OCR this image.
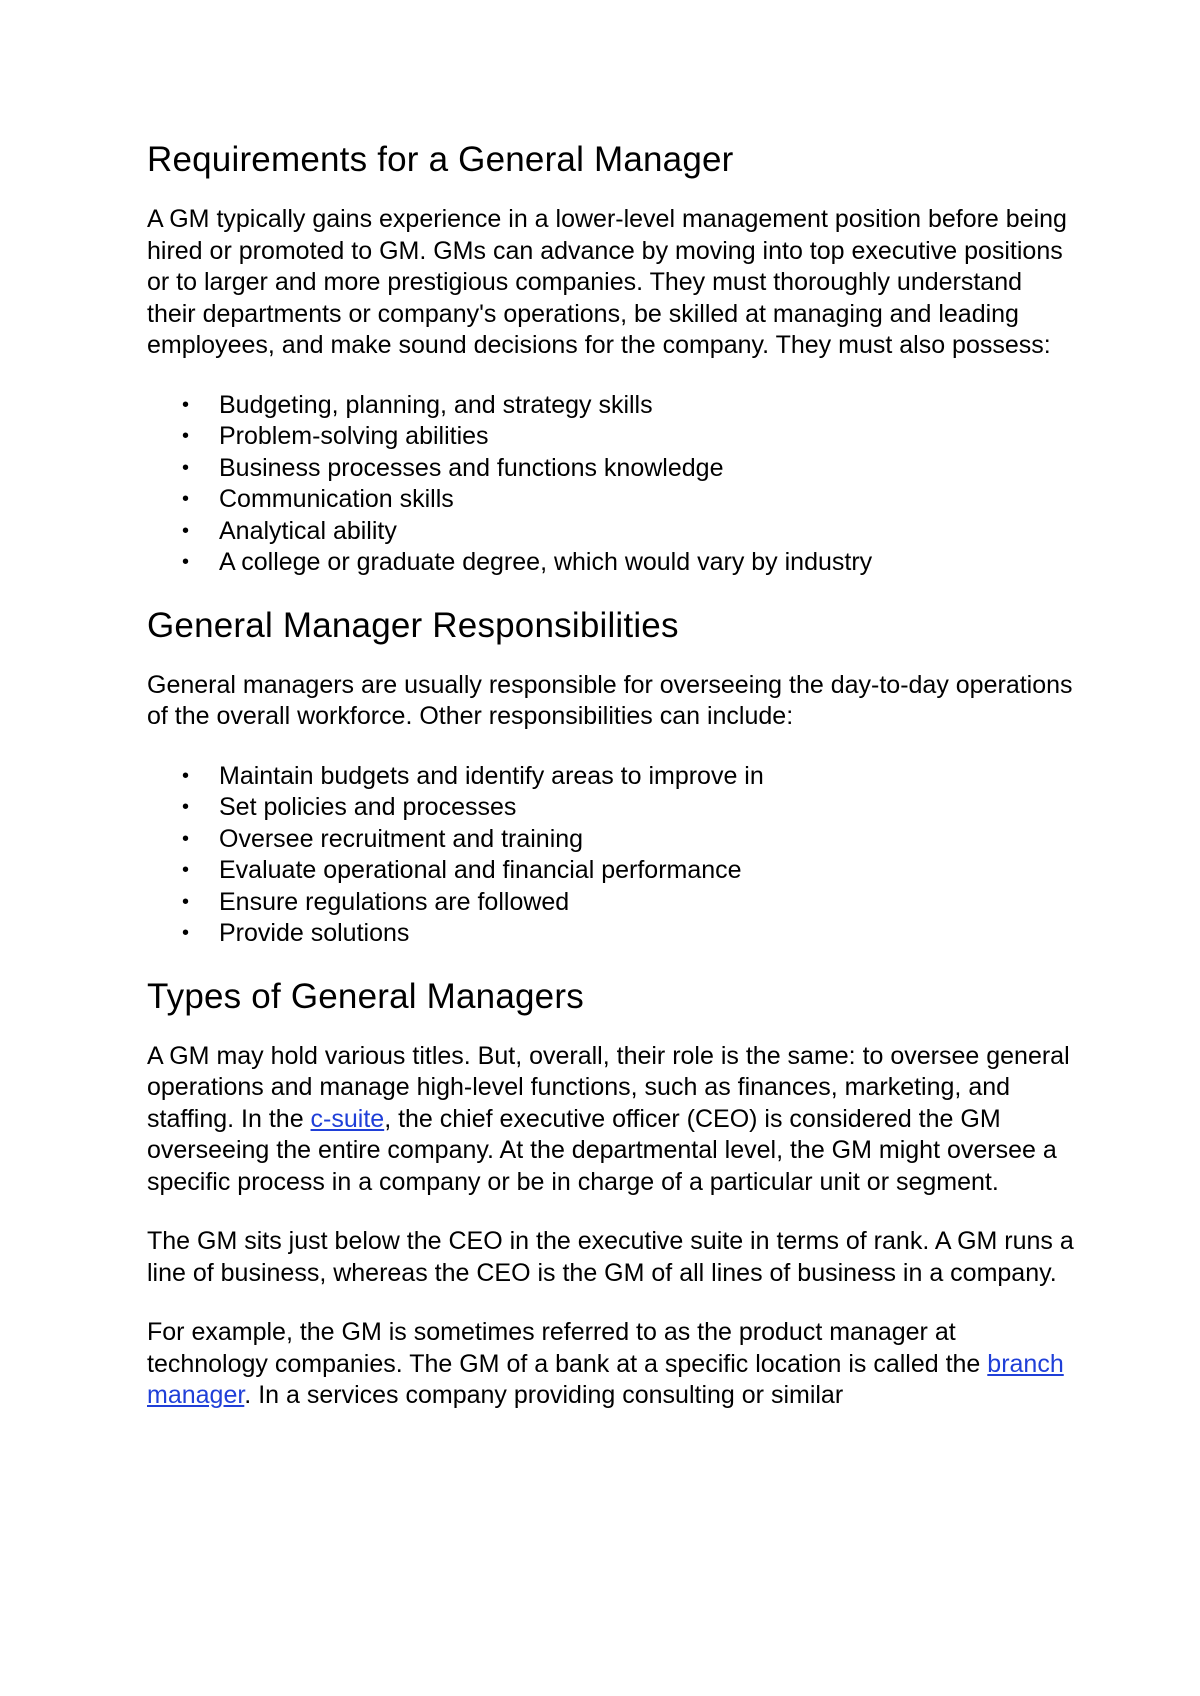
Requirements for a General Manager

A GM typically gains experience in a lower-level management position before being hired or promoted to GM. GMs can advance by moving into top executive positions or to larger and more prestigious companies. They must thoroughly understand their departments or company's operations, be skilled at managing and leading employees, and make sound decisions for the company. They must also possess:

• Budgeting, planning, and strategy skills
• Problem-solving abilities
• Business processes and functions knowledge
• Communication skills
• Analytical ability
• A college or graduate degree, which would vary by industry
General Manager Responsibilities

General managers are usually responsible for overseeing the day-to-day operations of the overall workforce. Other responsibilities can include:

• Maintain budgets and identify areas to improve in
• Set policies and processes
• Oversee recruitment and training
• Evaluate operational and financial performance
• Ensure regulations are followed
• Provide solutions
Types of General Managers

A GM may hold various titles. But, overall, their role is the same: to oversee general operations and manage high-level functions, such as finances, marketing, and staffing. In the c-suite, the chief executive officer (CEO) is considered the GM overseeing the entire company. At the departmental level, the GM might oversee a specific process in a company or be in charge of a particular unit or segment.

The GM sits just below the CEO in the executive suite in terms of rank. A GM runs a line of business, whereas the CEO is the GM of all lines of business in a company.

For example, the GM is sometimes referred to as the product manager at technology companies. The GM of a bank at a specific location is called the branch manager. In a services company providing consulting or similar
